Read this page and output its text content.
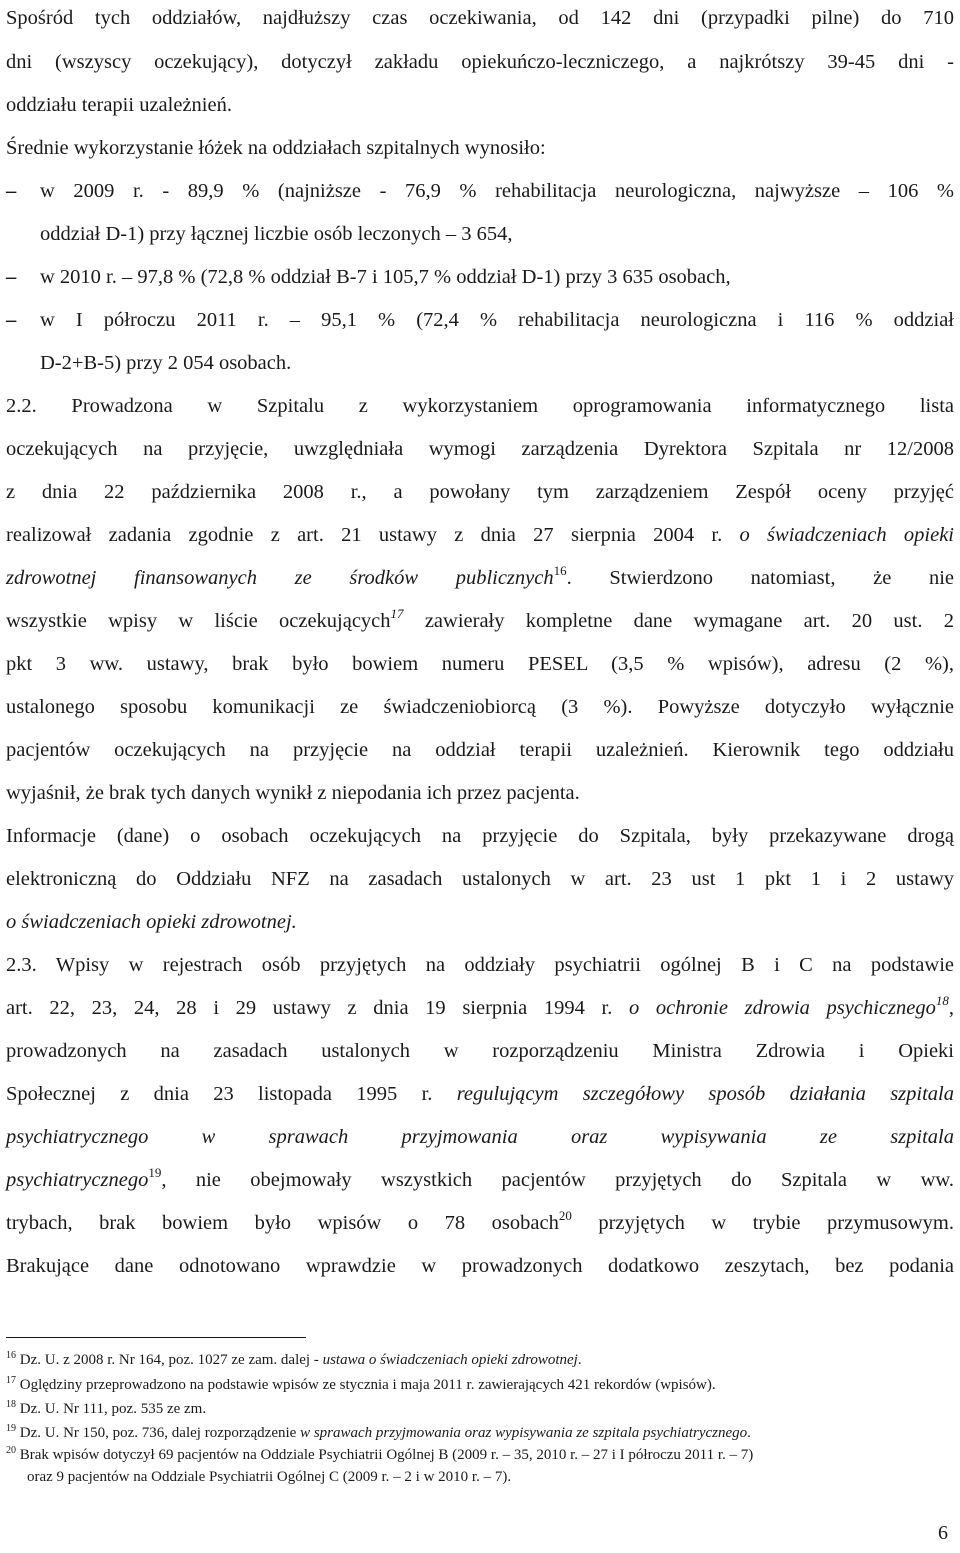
Spośród tych oddziałów, najdłuższy czas oczekiwania, od 142 dni (przypadki pilne) do 710
dni (wszyscy oczekujący), dotyczył zakładu opiekuńczo-leczniczego, a najkrótszy 39-45 dni -
oddziału terapii uzależnień.
Średnie wykorzystanie łóżek na oddziałach szpitalnych wynosiło:
–
w 2009 r. - 89,9 % (najniższe - 76,9 % rehabilitacja neurologiczna, najwyższe – 106 %
oddział D-1) przy łącznej liczbie osób leczonych – 3 654,
–
w 2010 r. – 97,8 % (72,8 % oddział B-7 i 105,7 % oddział D-1) przy 3 635 osobach,
–
w I półroczu 2011 r. – 95,1 % (72,4 % rehabilitacja neurologiczna i 116 % oddział
D-2+B-5) przy 2 054 osobach.
2.2. Prowadzona w Szpitalu z wykorzystaniem oprogramowania informatycznego lista
oczekujących na przyjęcie, uwzględniała wymogi zarządzenia Dyrektora Szpitala nr 12/2008
z dnia 22 października 2008 r., a powołany tym zarządzeniem Zespół oceny przyjęć
realizował zadania zgodnie z art. 21 ustawy z dnia 27 sierpnia 2004 r. o świadczeniach opieki
zdrowotnej finansowanych ze środków publicznych$^{16}$. Stwierdzono natomiast, że nie
wszystkie wpisy w liście oczekujących$^{17}$ zawierały kompletne dane wymagane art. 20 ust. 2
pkt 3 ww. ustawy, brak było bowiem numeru PESEL (3,5 % wpisów), adresu (2 %),
ustalonego sposobu komunikacji ze świadczeniobiorcą (3 %). Powyższe dotyczyło wyłącznie
pacjentów oczekujących na przyjęcie na oddział terapii uzależnień. Kierownik tego oddziału
wyjaśnił, że brak tych danych wynikł z niepodania ich przez pacjenta.
Informacje (dane) o osobach oczekujących na przyjęcie do Szpitala, były przekazywane drogą
elektroniczną do Oddziału NFZ na zasadach ustalonych w art. 23 ust 1 pkt 1 i 2 ustawy
o świadczeniach opieki zdrowotnej.
2.3. Wpisy w rejestrach osób przyjętych na oddziały psychiatrii ogólnej B i C na podstawie
art. 22, 23, 24, 28 i 29 ustawy z dnia 19 sierpnia 1994 r. o ochronie zdrowia psychicznego$^{18}$,
prowadzonych na zasadach ustalonych w rozporządzeniu Ministra Zdrowia i Opieki
Społecznej z dnia 23 listopada 1995 r. regulującym szczegółowy sposób działania szpitala
psychiatrycznego w sprawach przyjmowania oraz wypisywania ze szpitala
psychiatrycznego$^{19}$, nie obejmowały wszystkich pacjentów przyjętych do Szpitala w ww.
trybach, brak bowiem było wpisów o 78 osobach$^{20}$ przyjętych w trybie przymusowym.
Brakujące dane odnotowano wprawdzie w prowadzonych dodatkowo zeszytach, bez podania
$^{16}$ Dz. U. z 2008 r. Nr 164, poz. 1027 ze zam. dalej - ustawa o świadczeniach opieki zdrowotnej.
$^{17}$ Oględziny przeprowadzono na podstawie wpisów ze stycznia i maja 2011 r. zawierających 421 rekordów (wpisów).
$^{18}$ Dz. U. Nr 111, poz. 535 ze zm.
$^{19}$ Dz. U. Nr 150, poz. 736, dalej rozporządzenie w sprawach przyjmowania oraz wypisywania ze szpitala psychiatrycznego.
$^{20}$ Brak wpisów dotyczył 69 pacjentów na Oddziale Psychiatrii Ogólnej B (2009 r. – 35, 2010 r. – 27 i I półroczu 2011 r. – 7)
oraz 9 pacjentów na Oddziale Psychiatrii Ogólnej C (2009 r. – 2 i w 2010 r. – 7).
6
